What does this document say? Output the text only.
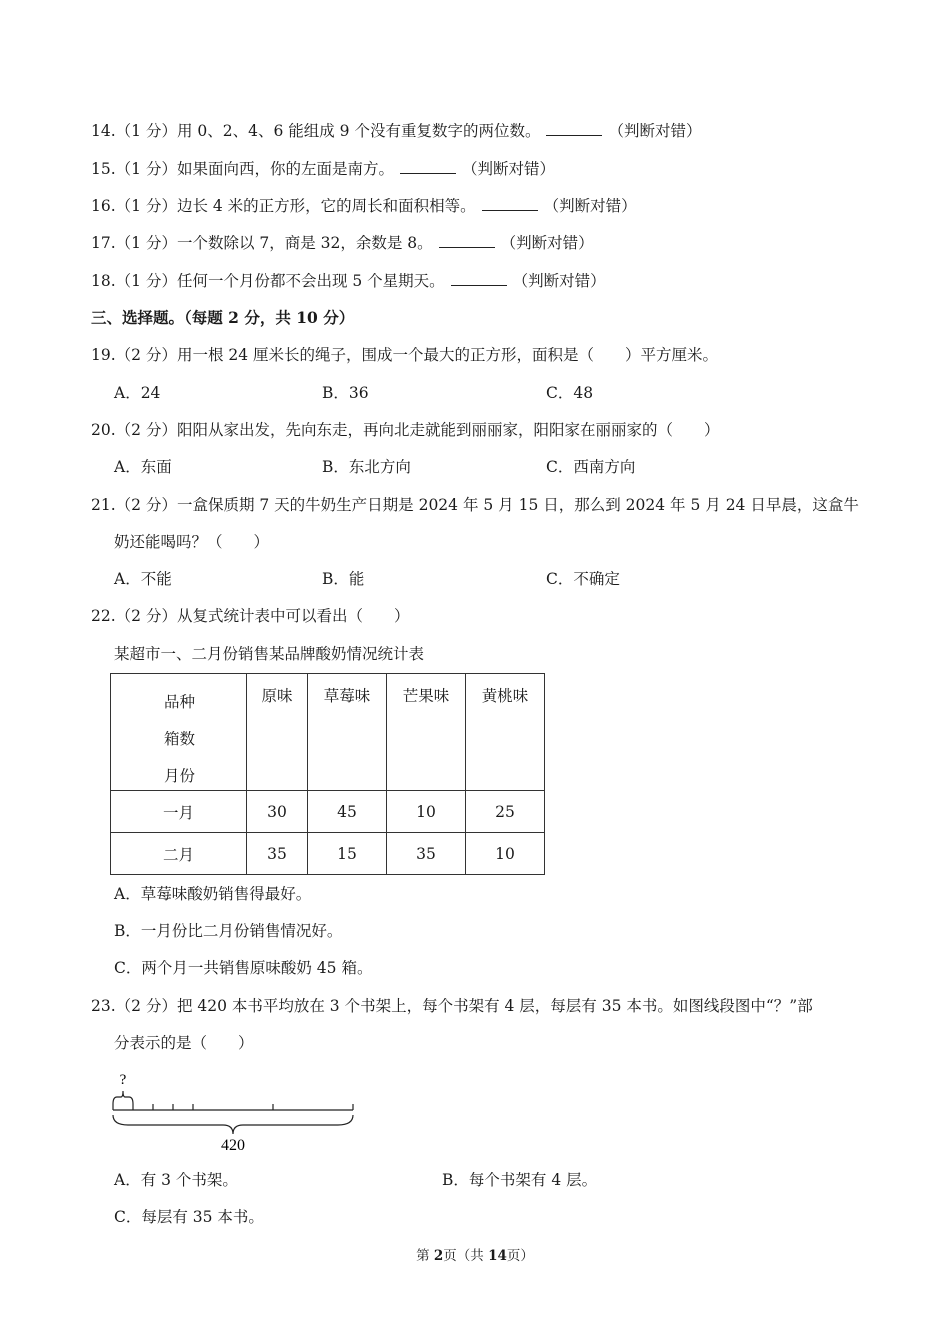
14.（1 分）用 0、2、4、6 能组成 9 个没有重复数字的两位数。	（判断对错）
15.（1 分）如果面向西，你的左面是南方。	（判断对错）
16.（1 分）边长 4 米的正方形，它的周长和面积相等。	（判断对错）
17.（1 分）一个数除以 7，商是 32，余数是 8。	（判断对错）
18.（1 分）任何一个月份都不会出现 5 个星期天。	（判断对错）
三、选择题。（每题 2 分，共 10 分）
19.（2 分）用一根 24 厘米长的绳子，围成一个最大的正方形，面积是（　　）平方厘米。
A．24	B．36	C．48
20.（2 分）阳阳从家出发，先向东走，再向北走就能到丽丽家，阳阳家在丽丽家的（　　）
A．东面	B．东北方向	C．西南方向
21.（2 分）一盒保质期 7 天的牛奶生产日期是 2024 年 5 月 15 日，那么到 2024 年 5 月 24 日早晨，这盒牛
奶还能喝吗？（　　）
A．不能	B．能	C．不确定
22.（2 分）从复式统计表中可以看出（　　）
某超市一、二月份销售某品牌酸奶情况统计表
品种
箱数
月份	原味	草莓味	芒果味	黄桃味
一月	30	45	10	25
二月	35	15	35	10
A．草莓味酸奶销售得最好。
B．一月份比二月份销售情况好。
C．两个月一共销售原味酸奶 45 箱。
23.（2 分）把 420 本书平均放在 3 个书架上，每个书架有 4 层，每层有 35 本书。如图线段图中“？”部
分表示的是（　　）
?
420
A．有 3 个书架。	B．每个书架有 4 层。
C．每层有 35 本书。
第 2页（共 14页）
